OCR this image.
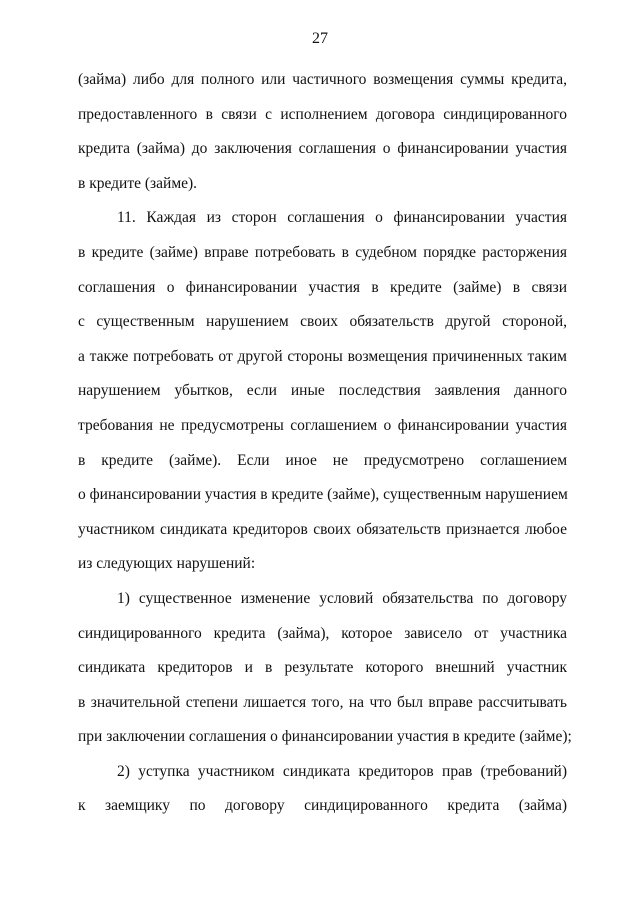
27
(займа) либо для полного или частичного возмещения суммы кредита,
предоставленного в связи с исполнением договора синдицированного
кредита (займа) до заключения соглашения о финансировании участия
в кредите (займе).
11. Каждая из сторон соглашения о финансировании участия
в кредите (займе) вправе потребовать в судебном порядке расторжения
соглашения о финансировании участия в кредите (займе) в связи
с существенным нарушением своих обязательств другой стороной,
а также потребовать от другой стороны возмещения причиненных таким
нарушением убытков, если иные последствия заявления данного
требования не предусмотрены соглашением о финансировании участия
в кредите (займе). Если иное не предусмотрено соглашением
о финансировании участия в кредите (займе), существенным нарушением
участником синдиката кредиторов своих обязательств признается любое
из следующих нарушений:
1) существенное изменение условий обязательства по договору
синдицированного кредита (займа), которое зависело от участника
синдиката кредиторов и в результате которого внешний участник
в значительной степени лишается того, на что был вправе рассчитывать
при заключении соглашения о финансировании участия в кредите (займе);
2) уступка участником синдиката кредиторов прав (требований)
к заемщику по договору синдицированного кредита (займа)
